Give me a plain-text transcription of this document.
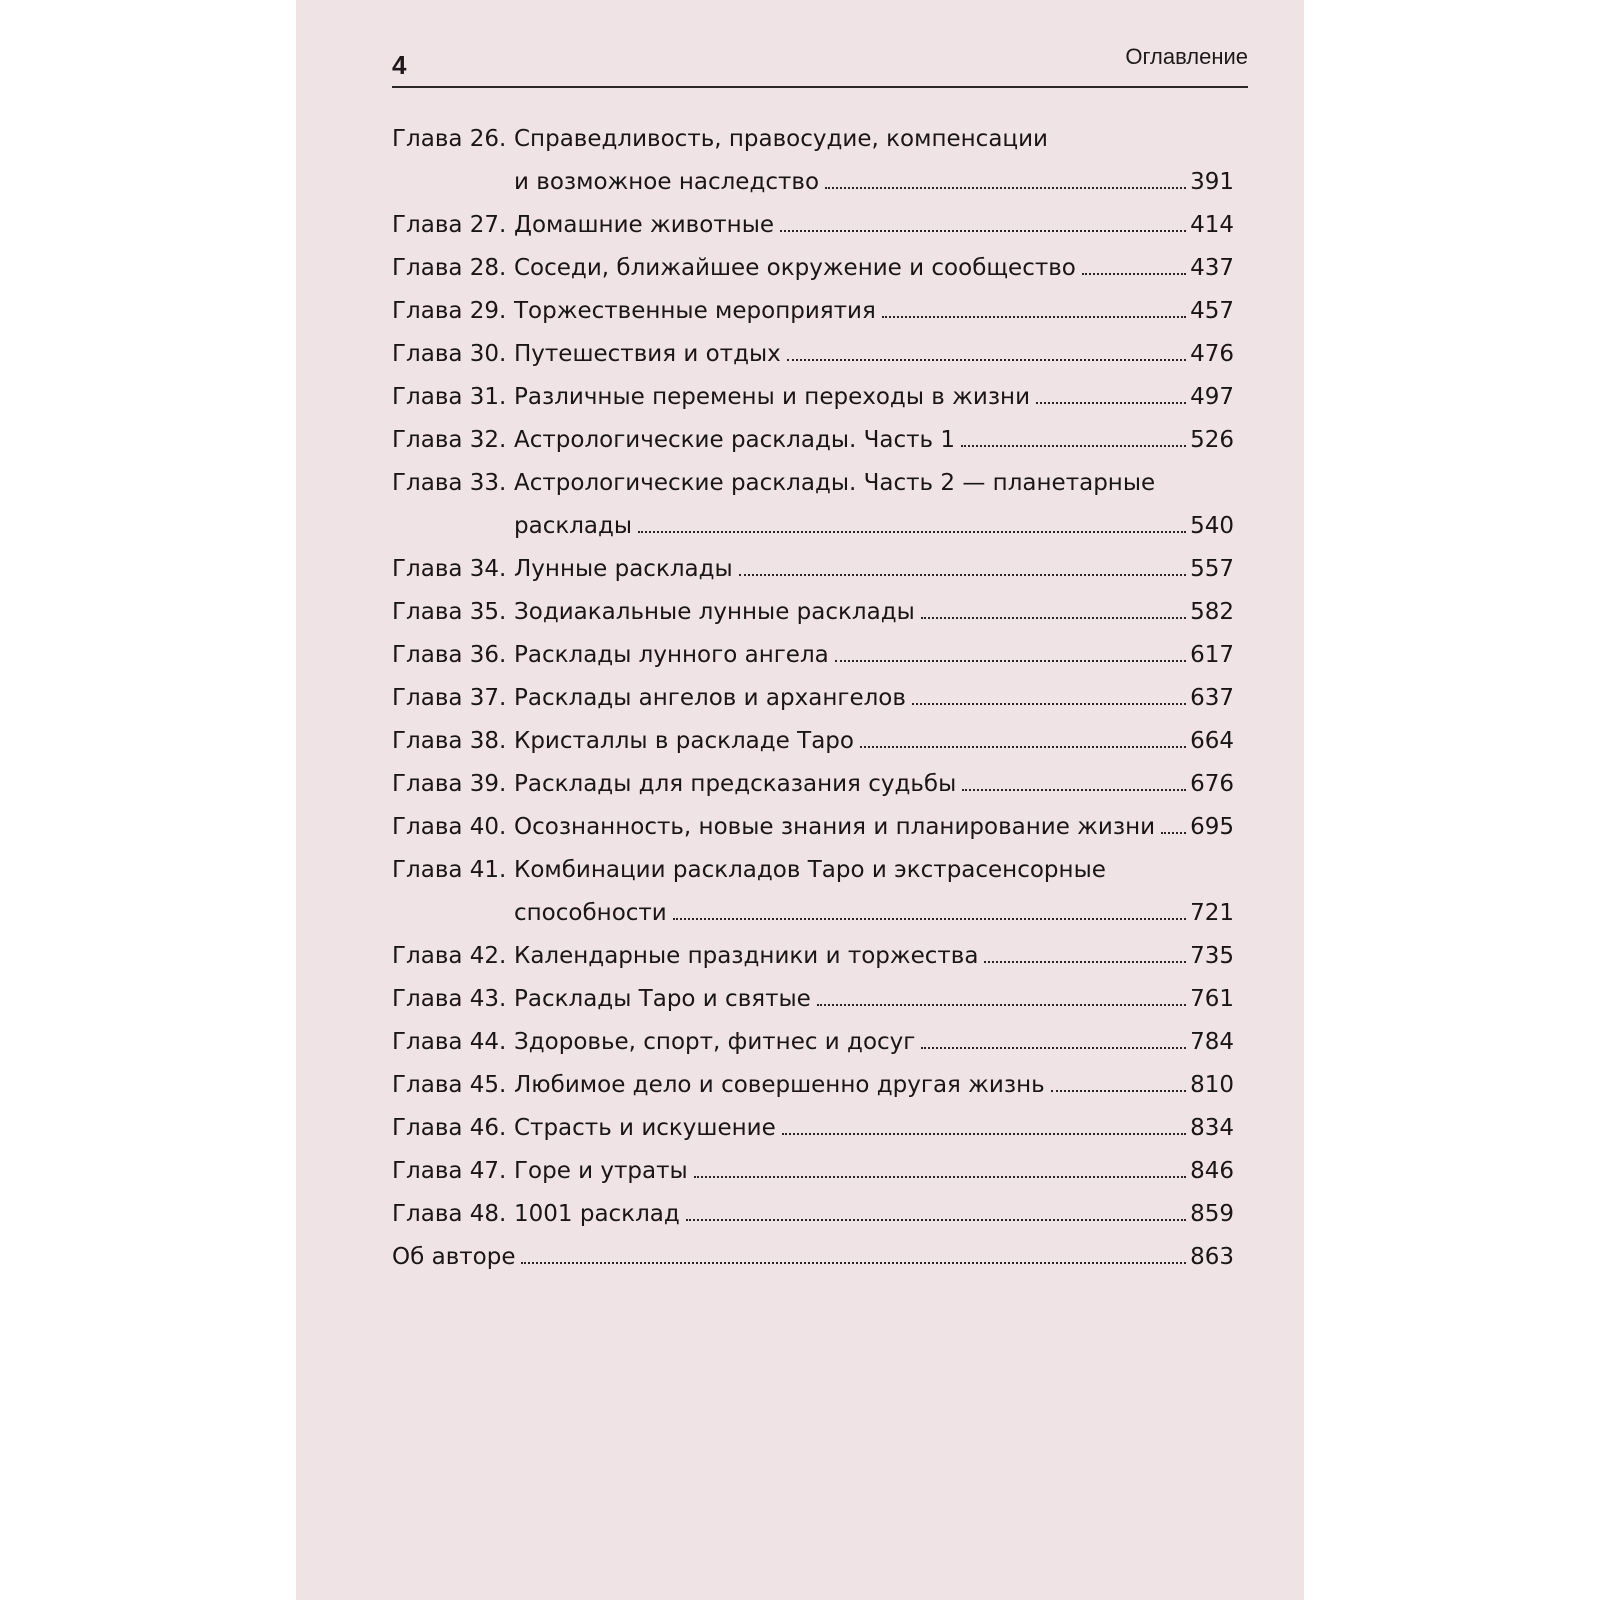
4	Оглавление
Глава 26. Справедливость, правосудие, компенсации
и возможное наследство	391
Глава 27. Домашние животные	414
Глава 28. Соседи, ближайшее окружение и сообщество	437
Глава 29. Торжественные мероприятия	457
Глава 30. Путешествия и отдых	476
Глава 31. Различные перемены и переходы в жизни	497
Глава 32. Астрологические расклады. Часть 1	526
Глава 33. Астрологические расклады. Часть 2 — планетарные
расклады	540
Глава 34. Лунные расклады	557
Глава 35. Зодиакальные лунные расклады	582
Глава 36. Расклады лунного ангела	617
Глава 37. Расклады ангелов и архангелов	637
Глава 38. Кристаллы в раскладе Таро	664
Глава 39. Расклады для предсказания судьбы	676
Глава 40. Осознанность, новые знания и планирование жизни 695
Глава 41. Комбинации раскладов Таро и экстрасенсорные
способности	721
Глава 42. Календарные праздники и торжества	735
Глава 43. Расклады Таро и святые	761
Глава 44. Здоровье, спорт, фитнес и досуг	784
Глава 45. Любимое дело и совершенно другая жизнь	810
Глава 46. Страсть и искушение	834
Глава 47. Горе и утраты	846
Глава 48. 1001 расклад	859
Об авторе	863
